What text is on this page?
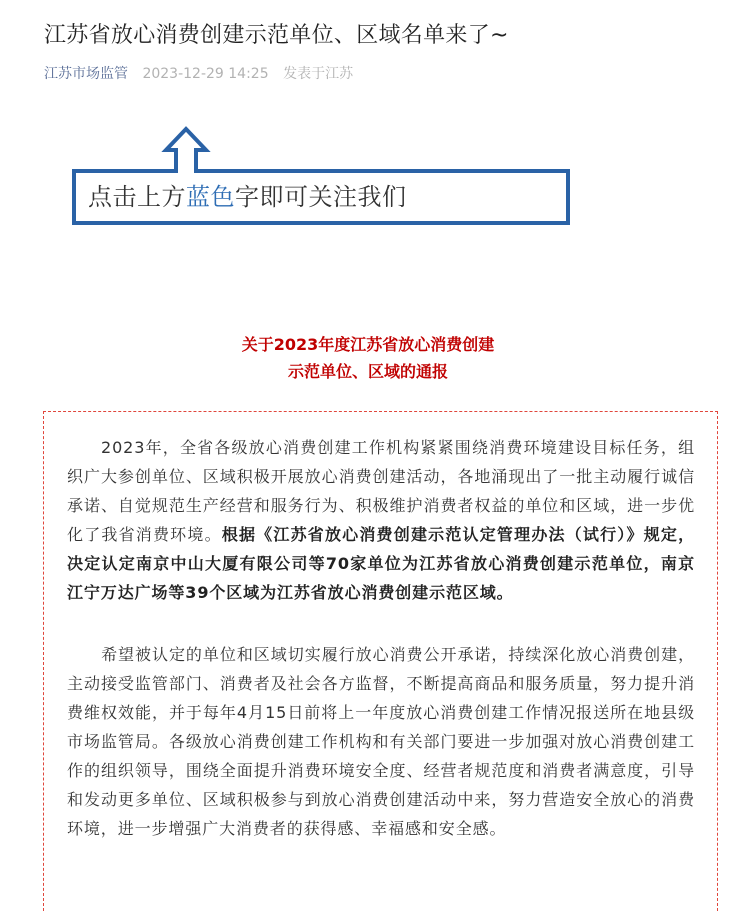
江苏省放心消费创建示范单位、区域名单来了~
江苏市场监管 2023-12-29 14:25 发表于江苏
点击上方蓝色字即可关注我们
关于2023年度江苏省放心消费创建
示范单位、区域的通报

2023年，全省各级放心消费创建工作机构紧紧围绕消费环境建设目标任务，组织广大参创单位、区域积极开展放心消费创建活动，各地涌现出了一批主动履行诚信承诺、自觉规范生产经营和服务行为、积极维护消费者权益的单位和区域，进一步优化了我省消费环境。根据《江苏省放心消费创建示范认定管理办法（试行）》规定，决定认定南京中山大厦有限公司等70家单位为江苏省放心消费创建示范单位，南京江宁万达广场等39个区域为江苏省放心消费创建示范区域。

希望被认定的单位和区域切实履行放心消费公开承诺，持续深化放心消费创建，主动接受监管部门、消费者及社会各方监督，不断提高商品和服务质量，努力提升消费维权效能，并于每年4月15日前将上一年度放心消费创建工作情况报送所在地县级市场监管局。各级放心消费创建工作机构和有关部门要进一步加强对放心消费创建工作的组织领导，围绕全面提升消费环境安全度、经营者规范度和消费者满意度，引导和发动更多单位、区域积极参与到放心消费创建活动中来，努力营造安全放心的消费环境，进一步增强广大消费者的获得感、幸福感和安全感。
